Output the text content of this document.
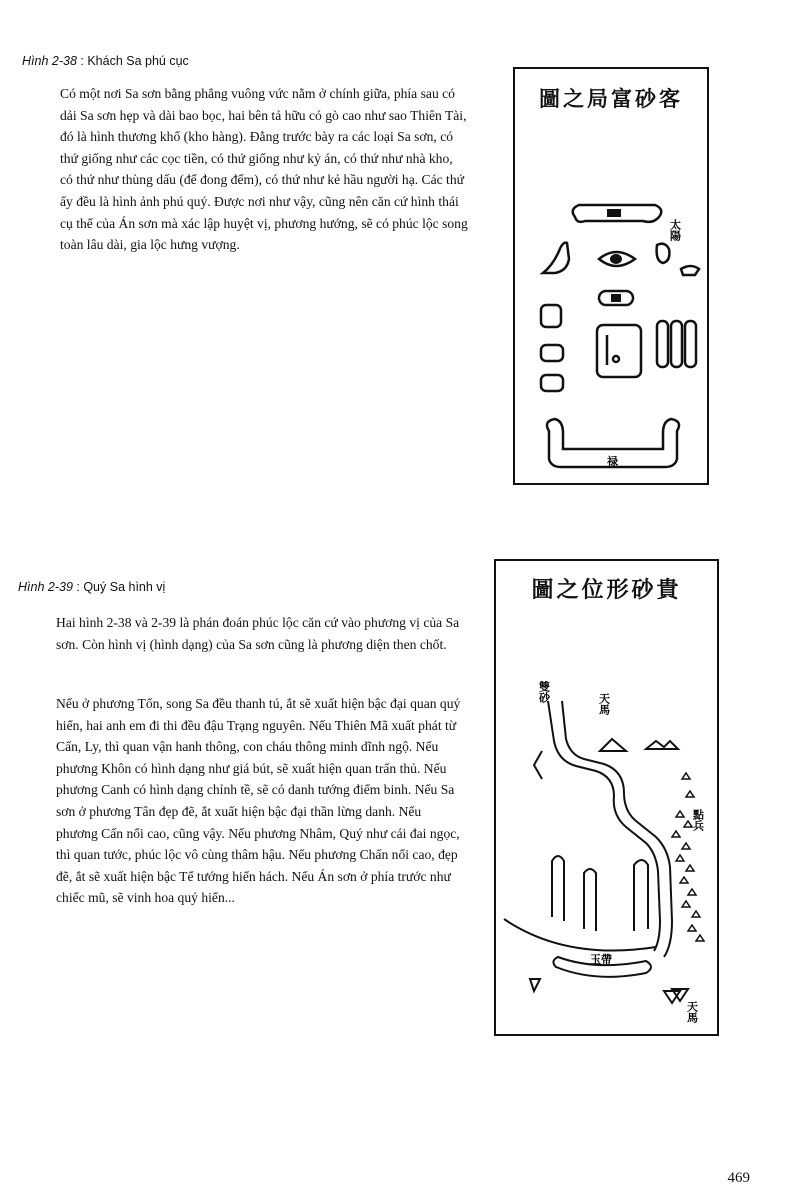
Hình 2-38 : Khách Sa phú cục
Có một nơi Sa sơn bằng phẳng vuông vức nằm ở chính giữa, phía sau có dải Sa sơn hẹp và dài bao bọc, hai bên tả hữu có gò cao như sao Thiên Tài, đó là hình thương khố (kho hàng). Đằng trước bày ra các loại Sa sơn, có thứ giống như các cọc tiền, có thứ giống như kỷ án, có thứ như nhà kho, có thứ như thùng dấu (để đong đếm), có thứ như kẻ hầu người hạ. Các thứ ấy đều là hình ảnh phú quý. Được nơi như vậy, cũng nên căn cứ hình thái cụ thể của Án sơn mà xác lập huyệt vị, phương hướng, sẽ có phúc lộc song toàn lâu dài, gia lộc hưng vượng.
圖之局富砂客
太陽
禄
圖之位形砂貴
雙砂
天馬
點兵
玉帶
天馬
Hình 2-39 : Quý Sa hình vị
Hai hình 2-38 và 2-39 là phán đoán phúc lộc căn cứ vào phương vị của Sa sơn. Còn hình vị (hình dạng) của Sa sơn cũng là phương diện then chốt.
Nếu ở phương Tốn, song Sa đều thanh tú, ắt sẽ xuất hiện bậc đại quan quý hiển, hai anh em đi thi đều đậu Trạng nguyên. Nếu Thiên Mã xuất phát từ Cấn, Ly, thì quan vận hanh thông, con cháu thông minh dĩnh ngộ. Nếu phương Khôn có hình dạng như giá bút, sẽ xuất hiện quan trấn thủ. Nếu phương Canh có hình dạng chỉnh tề, sẽ có danh tướng điểm binh. Nếu Sa sơn ở phương Tân đẹp đẽ, ắt xuất hiện bậc đại thần lừng danh. Nếu phương Cấn nổi cao, cũng vậy. Nếu phương Nhâm, Quý như cái đai ngọc, thì quan tước, phúc lộc vô cùng thâm hậu. Nếu phương Chấn nổi cao, đẹp đẽ, ắt sẽ xuất hiện bậc Tể tướng hiển hách. Nếu Án sơn ở phía trước như chiếc mũ, sẽ vinh hoa quý hiển...
469
